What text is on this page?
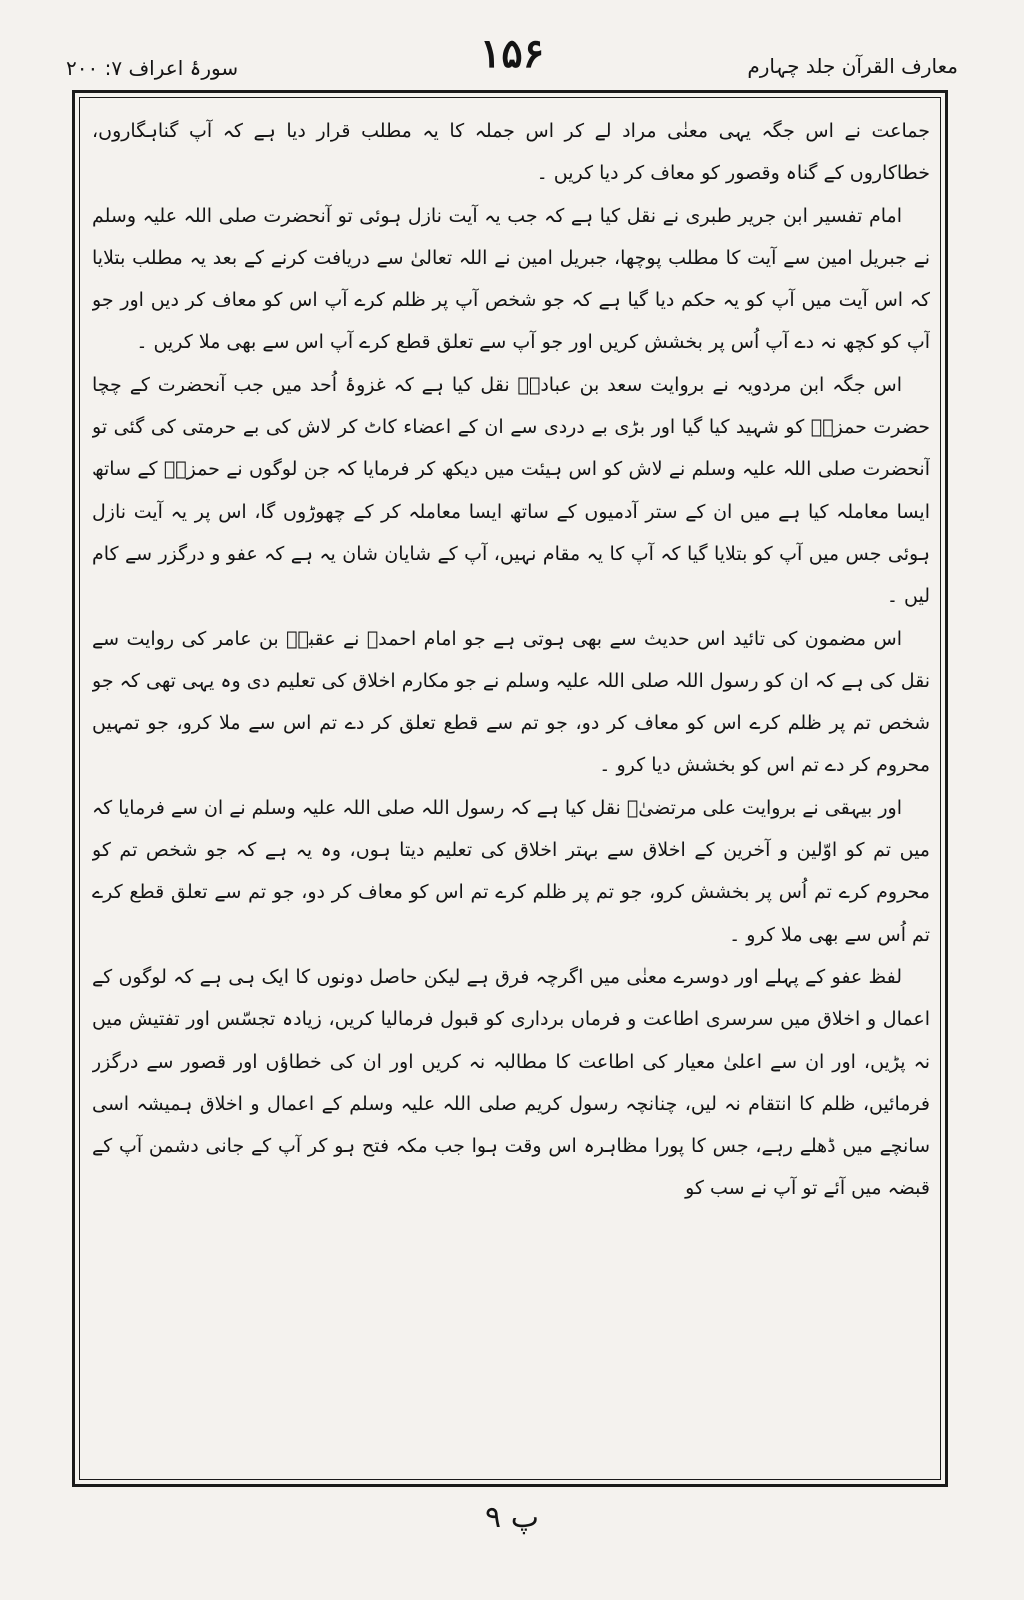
سورۂ اعراف ۷: ۲۰۰	۱۵۶	معارف القرآن جلد چہارم

جماعت نے اس جگہ یہی معنٰی مراد لے کر اس جملہ کا یہ مطلب قرار دیا ہے کہ آپ گناہگاروں، خطاکاروں کے گناہ وقصور کو معاف کر دیا کریں ۔

امام تفسیر ابن جریر طبری نے نقل کیا ہے کہ جب یہ آیت نازل ہوئی تو آنحضرت صلی اللہ علیہ وسلم نے جبریل امین سے آیت کا مطلب پوچھا، جبریل امین نے اللہ تعالیٰ سے دریافت کرنے کے بعد یہ مطلب بتلایا کہ اس آیت میں آپ کو یہ حکم دیا گیا ہے کہ جو شخص آپ پر ظلم کرے آپ اس کو معاف کر دیں اور جو آپ کو کچھ نہ دے آپ اُس پر بخشش کریں اور جو آپ سے تعلق قطع کرے آپ اس سے بھی ملا کریں ۔

اس جگہ ابن مردویہ نے بروایت سعد بن عبادہؓ نقل کیا ہے کہ غزوۂ اُحد میں جب آنحضرت کے چچا حضرت حمزہؓ کو شہید کیا گیا اور بڑی بے دردی سے ان کے اعضاء کاٹ کر لاش کی بے حرمتی کی گئی تو آنحضرت صلی اللہ علیہ وسلم نے لاش کو اس ہیئت میں دیکھ کر فرمایا کہ جن لوگوں نے حمزہؓ کے ساتھ ایسا معاملہ کیا ہے میں ان کے ستر آدمیوں کے ساتھ ایسا معاملہ کر کے چھوڑوں گا، اس پر یہ آیت نازل ہوئی جس میں آپ کو بتلایا گیا کہ آپ کا یہ مقام نہیں، آپ کے شایان شان یہ ہے کہ عفو و درگزر سے کام لیں ۔

اس مضمون کی تائید اس حدیث سے بھی ہوتی ہے جو امام احمدؒ نے عقبہؓ بن عامر کی روایت سے نقل کی ہے کہ ان کو رسول اللہ صلی اللہ علیہ وسلم نے جو مکارم اخلاق کی تعلیم دی وہ یہی تھی کہ جو شخص تم پر ظلم کرے اس کو معاف کر دو، جو تم سے قطع تعلق کر دے تم اس سے ملا کرو، جو تمہیں محروم کر دے تم اس کو بخشش دیا کرو ۔

اور بیہقی نے بروایت علی مرتضیٰؓ نقل کیا ہے کہ رسول اللہ صلی اللہ علیہ وسلم نے ان سے فرمایا کہ میں تم کو اوّلین و آخرین کے اخلاق سے بہتر اخلاق کی تعلیم دیتا ہوں، وہ یہ ہے کہ جو شخص تم کو محروم کرے تم اُس پر بخشش کرو، جو تم پر ظلم کرے تم اس کو معاف کر دو، جو تم سے تعلق قطع کرے تم اُس سے بھی ملا کرو ۔

لفظ عفو کے پہلے اور دوسرے معنٰی میں اگرچہ فرق ہے لیکن حاصل دونوں کا ایک ہی ہے کہ لوگوں کے اعمال و اخلاق میں سرسری اطاعت و فرماں برداری کو قبول فرمالیا کریں، زیادہ تجسّس اور تفتیش میں نہ پڑیں، اور ان سے اعلیٰ معیار کی اطاعت کا مطالبہ نہ کریں اور ان کی خطاؤں اور قصور سے درگزر فرمائیں، ظلم کا انتقام نہ لیں، چنانچہ رسول کریم صلی اللہ علیہ وسلم کے اعمال و اخلاق ہمیشہ اسی سانچے میں ڈھلے رہے، جس کا پورا مظاہرہ اس وقت ہوا جب مکہ فتح ہو کر آپ کے جانی دشمن آپ کے قبضہ میں آئے تو آپ نے سب کو

پ ۹
